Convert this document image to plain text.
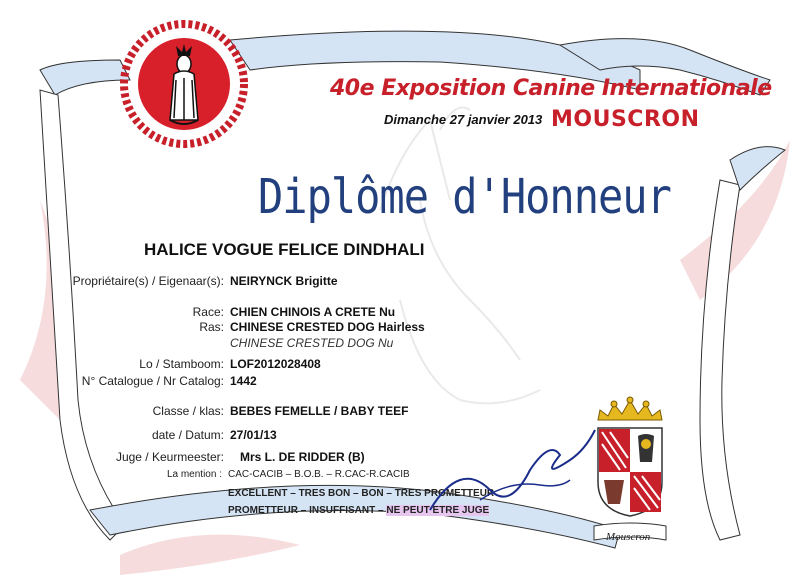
40e Exposition Canine Internationale
Dimanche 27 janvier 2013 MOUSCRON
Diplôme d'Honneur
HALICE VOGUE FELICE DINDHALI
Propriétaire(s) / Eigenaar(s): NEIRYNCK Brigitte
Race: CHIEN CHINOIS A CRETE Nu
Ras: CHINESE CRESTED DOG Hairless
CHINESE CRESTED DOG Nu
Lo / Stamboom: LOF2012028408
N° Catalogue / Nr Catalog: 1442
Classe / klas: BEBES FEMELLE / BABY TEEF
date / Datum: 27/01/13
Juge / Keurmeester: Mrs L. DE RIDDER (B)
La mention : CAC-CACIB – B.O.B. – R.CAC-R.CACIB
EXCELLENT – TRES BON – BON – TRES PROMETTEUR
PROMETTEUR – INSUFFISANT – NE PEUT ETRE JUGE
Mouscron
